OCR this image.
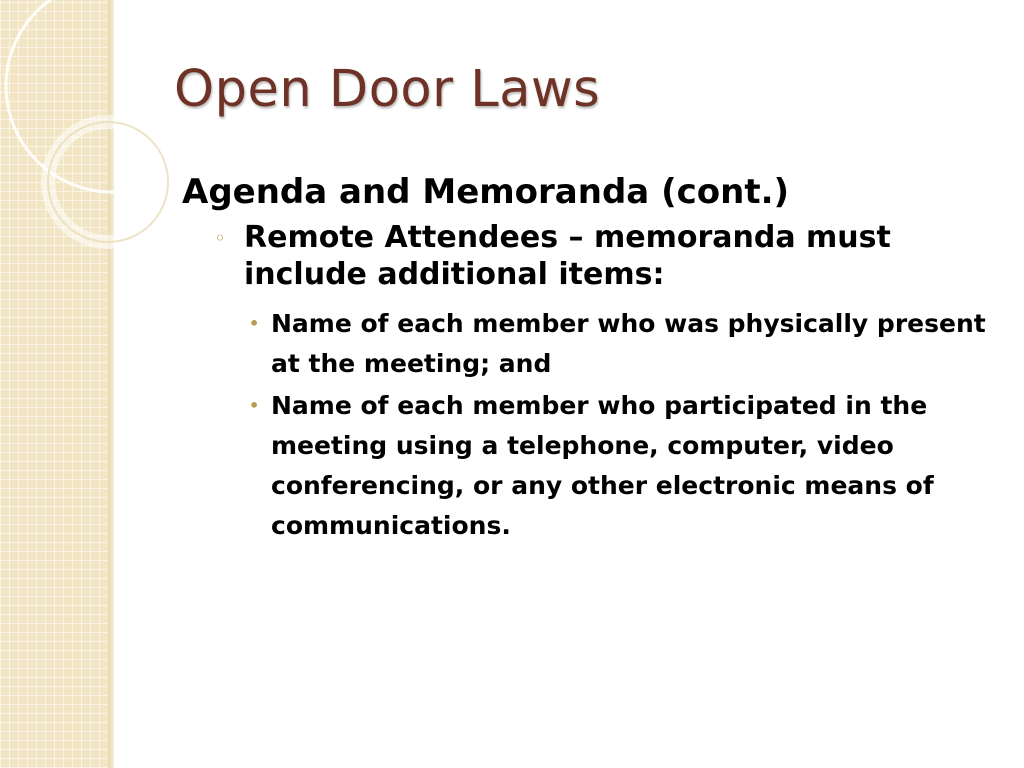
Open Door Laws
Agenda and Memoranda (cont.)
◦ Remote Attendees – memoranda must include additional items:
• Name of each member who was physically present at the meeting; and
• Name of each member who participated in the meeting using a telephone, computer, video conferencing, or any other electronic means of communications.
